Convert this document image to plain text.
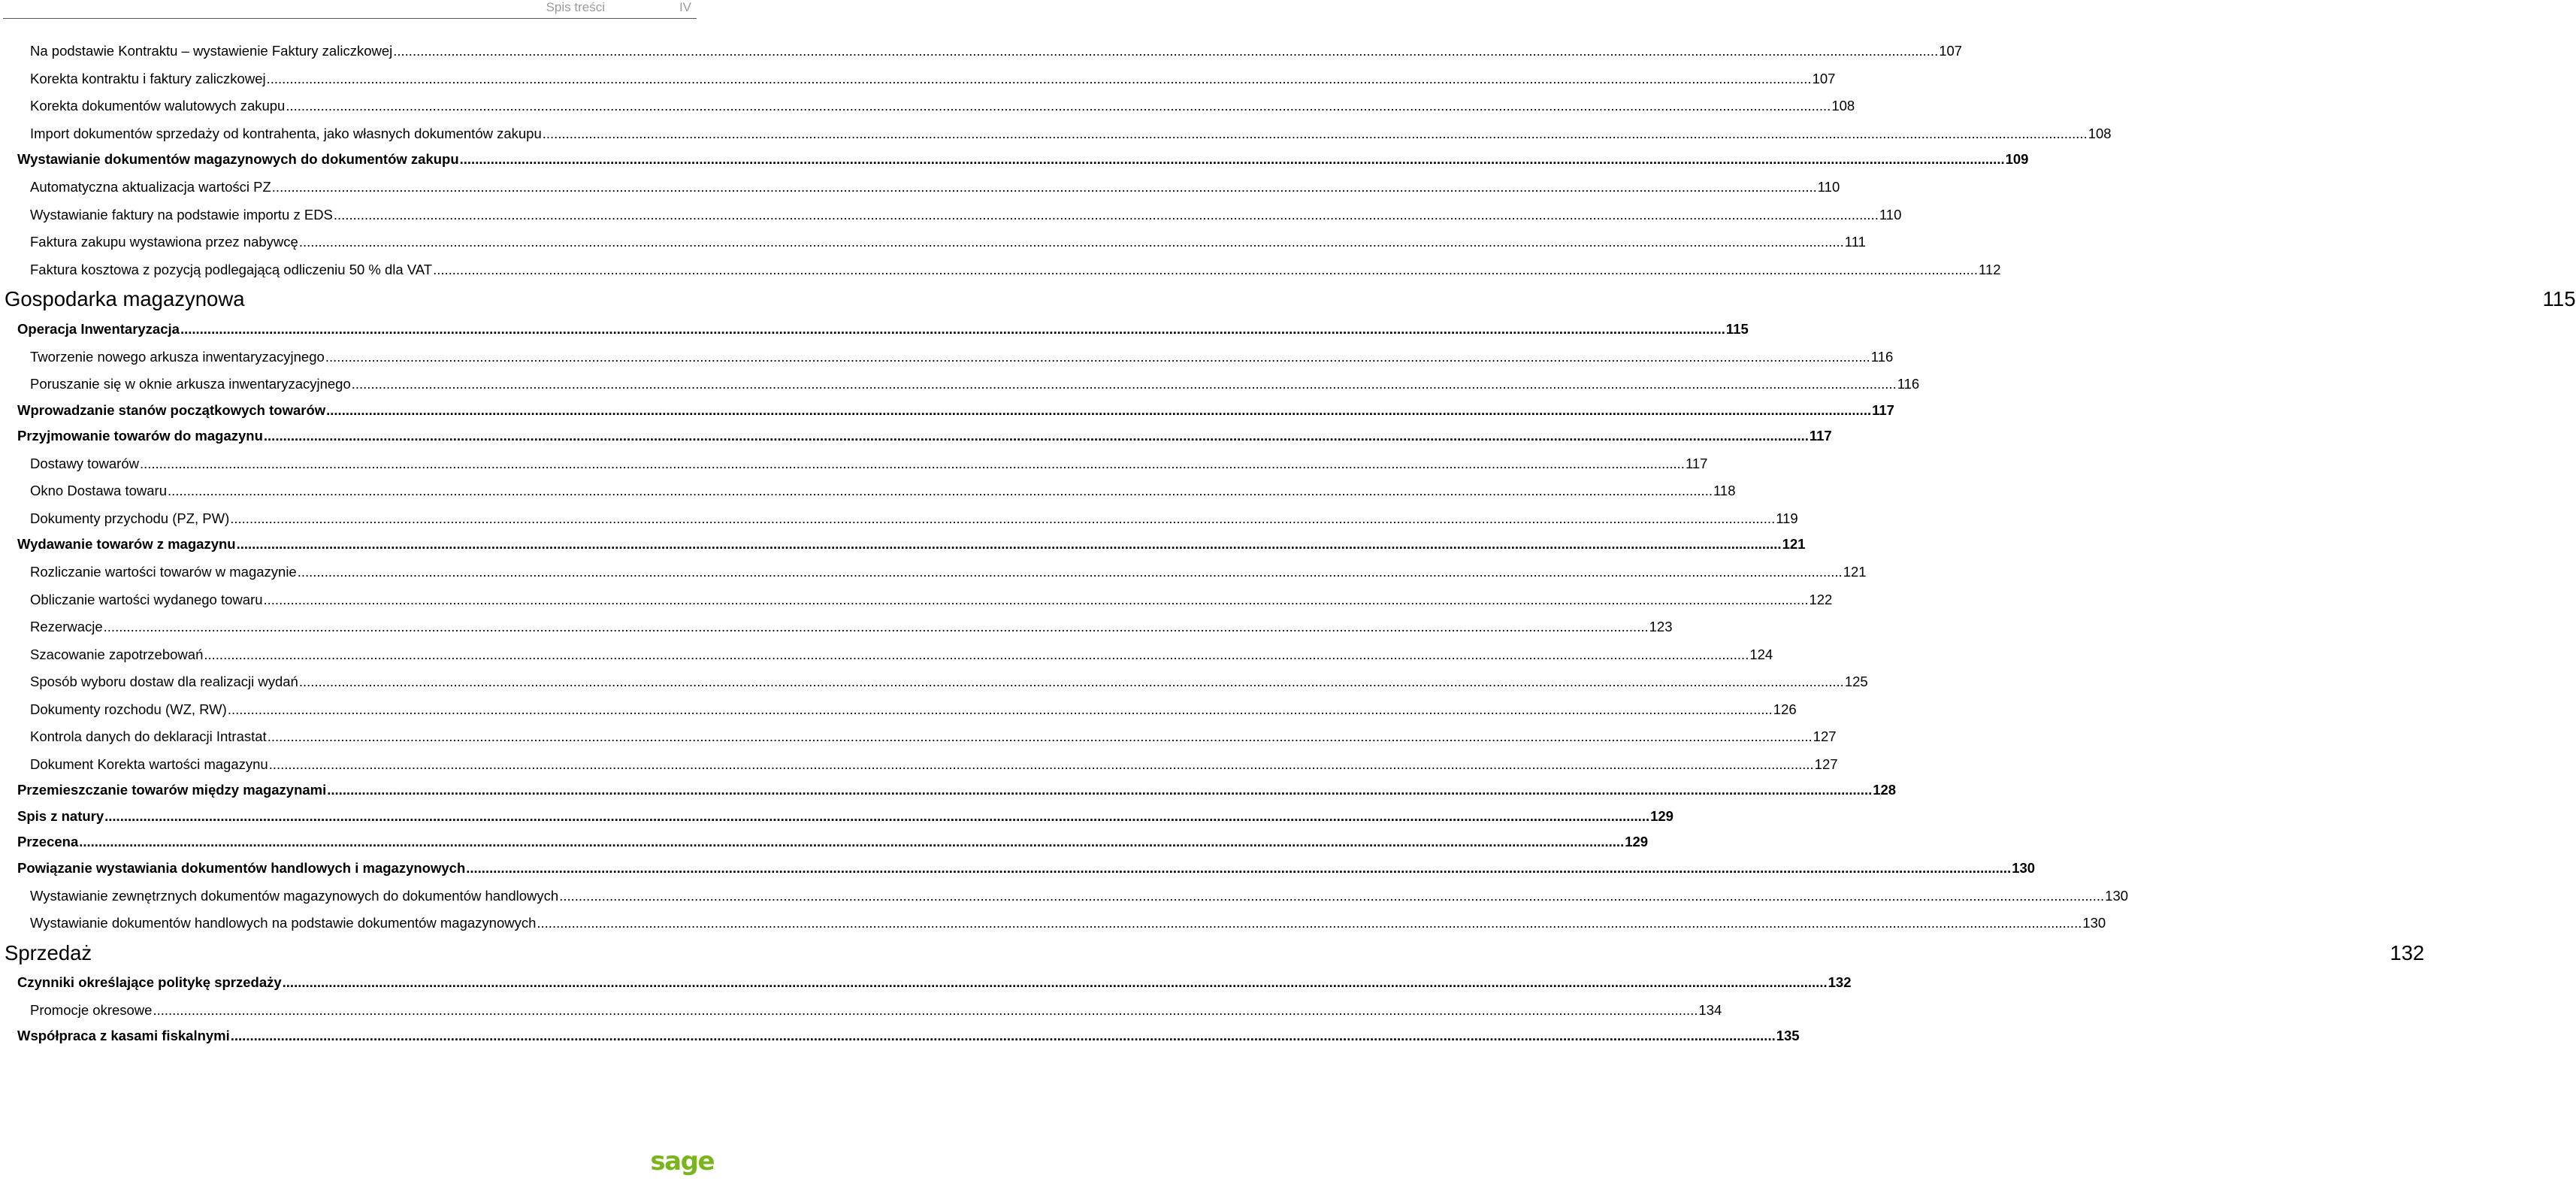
Spis treści	IV
Na podstawie Kontraktu – wystawienie Faktury zaliczkowej ................................................................................................................................................................................................................................................................................................................................................................................................................ 107
Korekta kontraktu i faktury zaliczkowej ................................................................................................................................................................................................................................................................................................................................................................................................................ 107
Korekta dokumentów walutowych zakupu ................................................................................................................................................................................................................................................................................................................................................................................................................ 108
Import dokumentów sprzedaży od kontrahenta, jako własnych dokumentów zakupu ................................................................................................................................................................................................................................................................................................................................................................................................................ 108
Wystawianie dokumentów magazynowych do dokumentów zakupu ................................................................................................................................................................................................................................................................................................................................................................................................................ 109
Automatyczna aktualizacja wartości PZ ................................................................................................................................................................................................................................................................................................................................................................................................................ 110
Wystawianie faktury na podstawie importu z EDS ................................................................................................................................................................................................................................................................................................................................................................................................................ 110
Faktura zakupu wystawiona przez nabywcę ................................................................................................................................................................................................................................................................................................................................................................................................................ 111
Faktura kosztowa z pozycją podlegającą odliczeniu 50 % dla VAT ................................................................................................................................................................................................................................................................................................................................................................................................................ 112
Gospodarka magazynowa	115
Operacja Inwentaryzacja ................................................................................................................................................................................................................................................................................................................................................................................................................ 115
Tworzenie nowego arkusza inwentaryzacyjnego ................................................................................................................................................................................................................................................................................................................................................................................................................ 116
Poruszanie się w oknie arkusza inwentaryzacyjnego ................................................................................................................................................................................................................................................................................................................................................................................................................ 116
Wprowadzanie stanów początkowych towarów ................................................................................................................................................................................................................................................................................................................................................................................................................ 117
Przyjmowanie towarów do magazynu ................................................................................................................................................................................................................................................................................................................................................................................................................ 117
Dostawy towarów ................................................................................................................................................................................................................................................................................................................................................................................................................ 117
Okno Dostawa towaru ................................................................................................................................................................................................................................................................................................................................................................................................................ 118
Dokumenty przychodu (PZ, PW) ................................................................................................................................................................................................................................................................................................................................................................................................................ 119
Wydawanie towarów z magazynu ................................................................................................................................................................................................................................................................................................................................................................................................................ 121
Rozliczanie wartości towarów w magazynie ................................................................................................................................................................................................................................................................................................................................................................................................................ 121
Obliczanie wartości wydanego towaru ................................................................................................................................................................................................................................................................................................................................................................................................................ 122
Rezerwacje ................................................................................................................................................................................................................................................................................................................................................................................................................ 123
Szacowanie zapotrzebowań ................................................................................................................................................................................................................................................................................................................................................................................................................ 124
Sposób wyboru dostaw dla realizacji wydań ................................................................................................................................................................................................................................................................................................................................................................................................................ 125
Dokumenty rozchodu (WZ, RW) ................................................................................................................................................................................................................................................................................................................................................................................................................ 126
Kontrola danych do deklaracji Intrastat ................................................................................................................................................................................................................................................................................................................................................................................................................ 127
Dokument Korekta wartości magazynu ................................................................................................................................................................................................................................................................................................................................................................................................................ 127
Przemieszczanie towarów między magazynami ................................................................................................................................................................................................................................................................................................................................................................................................................ 128
Spis z natury ................................................................................................................................................................................................................................................................................................................................................................................................................ 129
Przecena ................................................................................................................................................................................................................................................................................................................................................................................................................ 129
Powiązanie wystawiania dokumentów handlowych i magazynowych ................................................................................................................................................................................................................................................................................................................................................................................................................ 130
Wystawianie zewnętrznych dokumentów magazynowych do dokumentów handlowych ................................................................................................................................................................................................................................................................................................................................................................................................................ 130
Wystawianie dokumentów handlowych na podstawie dokumentów magazynowych ................................................................................................................................................................................................................................................................................................................................................................................................................ 130
Sprzedaż	132
Czynniki określające politykę sprzedaży ................................................................................................................................................................................................................................................................................................................................................................................................................ 132
Promocje okresowe ................................................................................................................................................................................................................................................................................................................................................................................................................ 134
Współpraca z kasami fiskalnymi ................................................................................................................................................................................................................................................................................................................................................................................................................ 135
sage
